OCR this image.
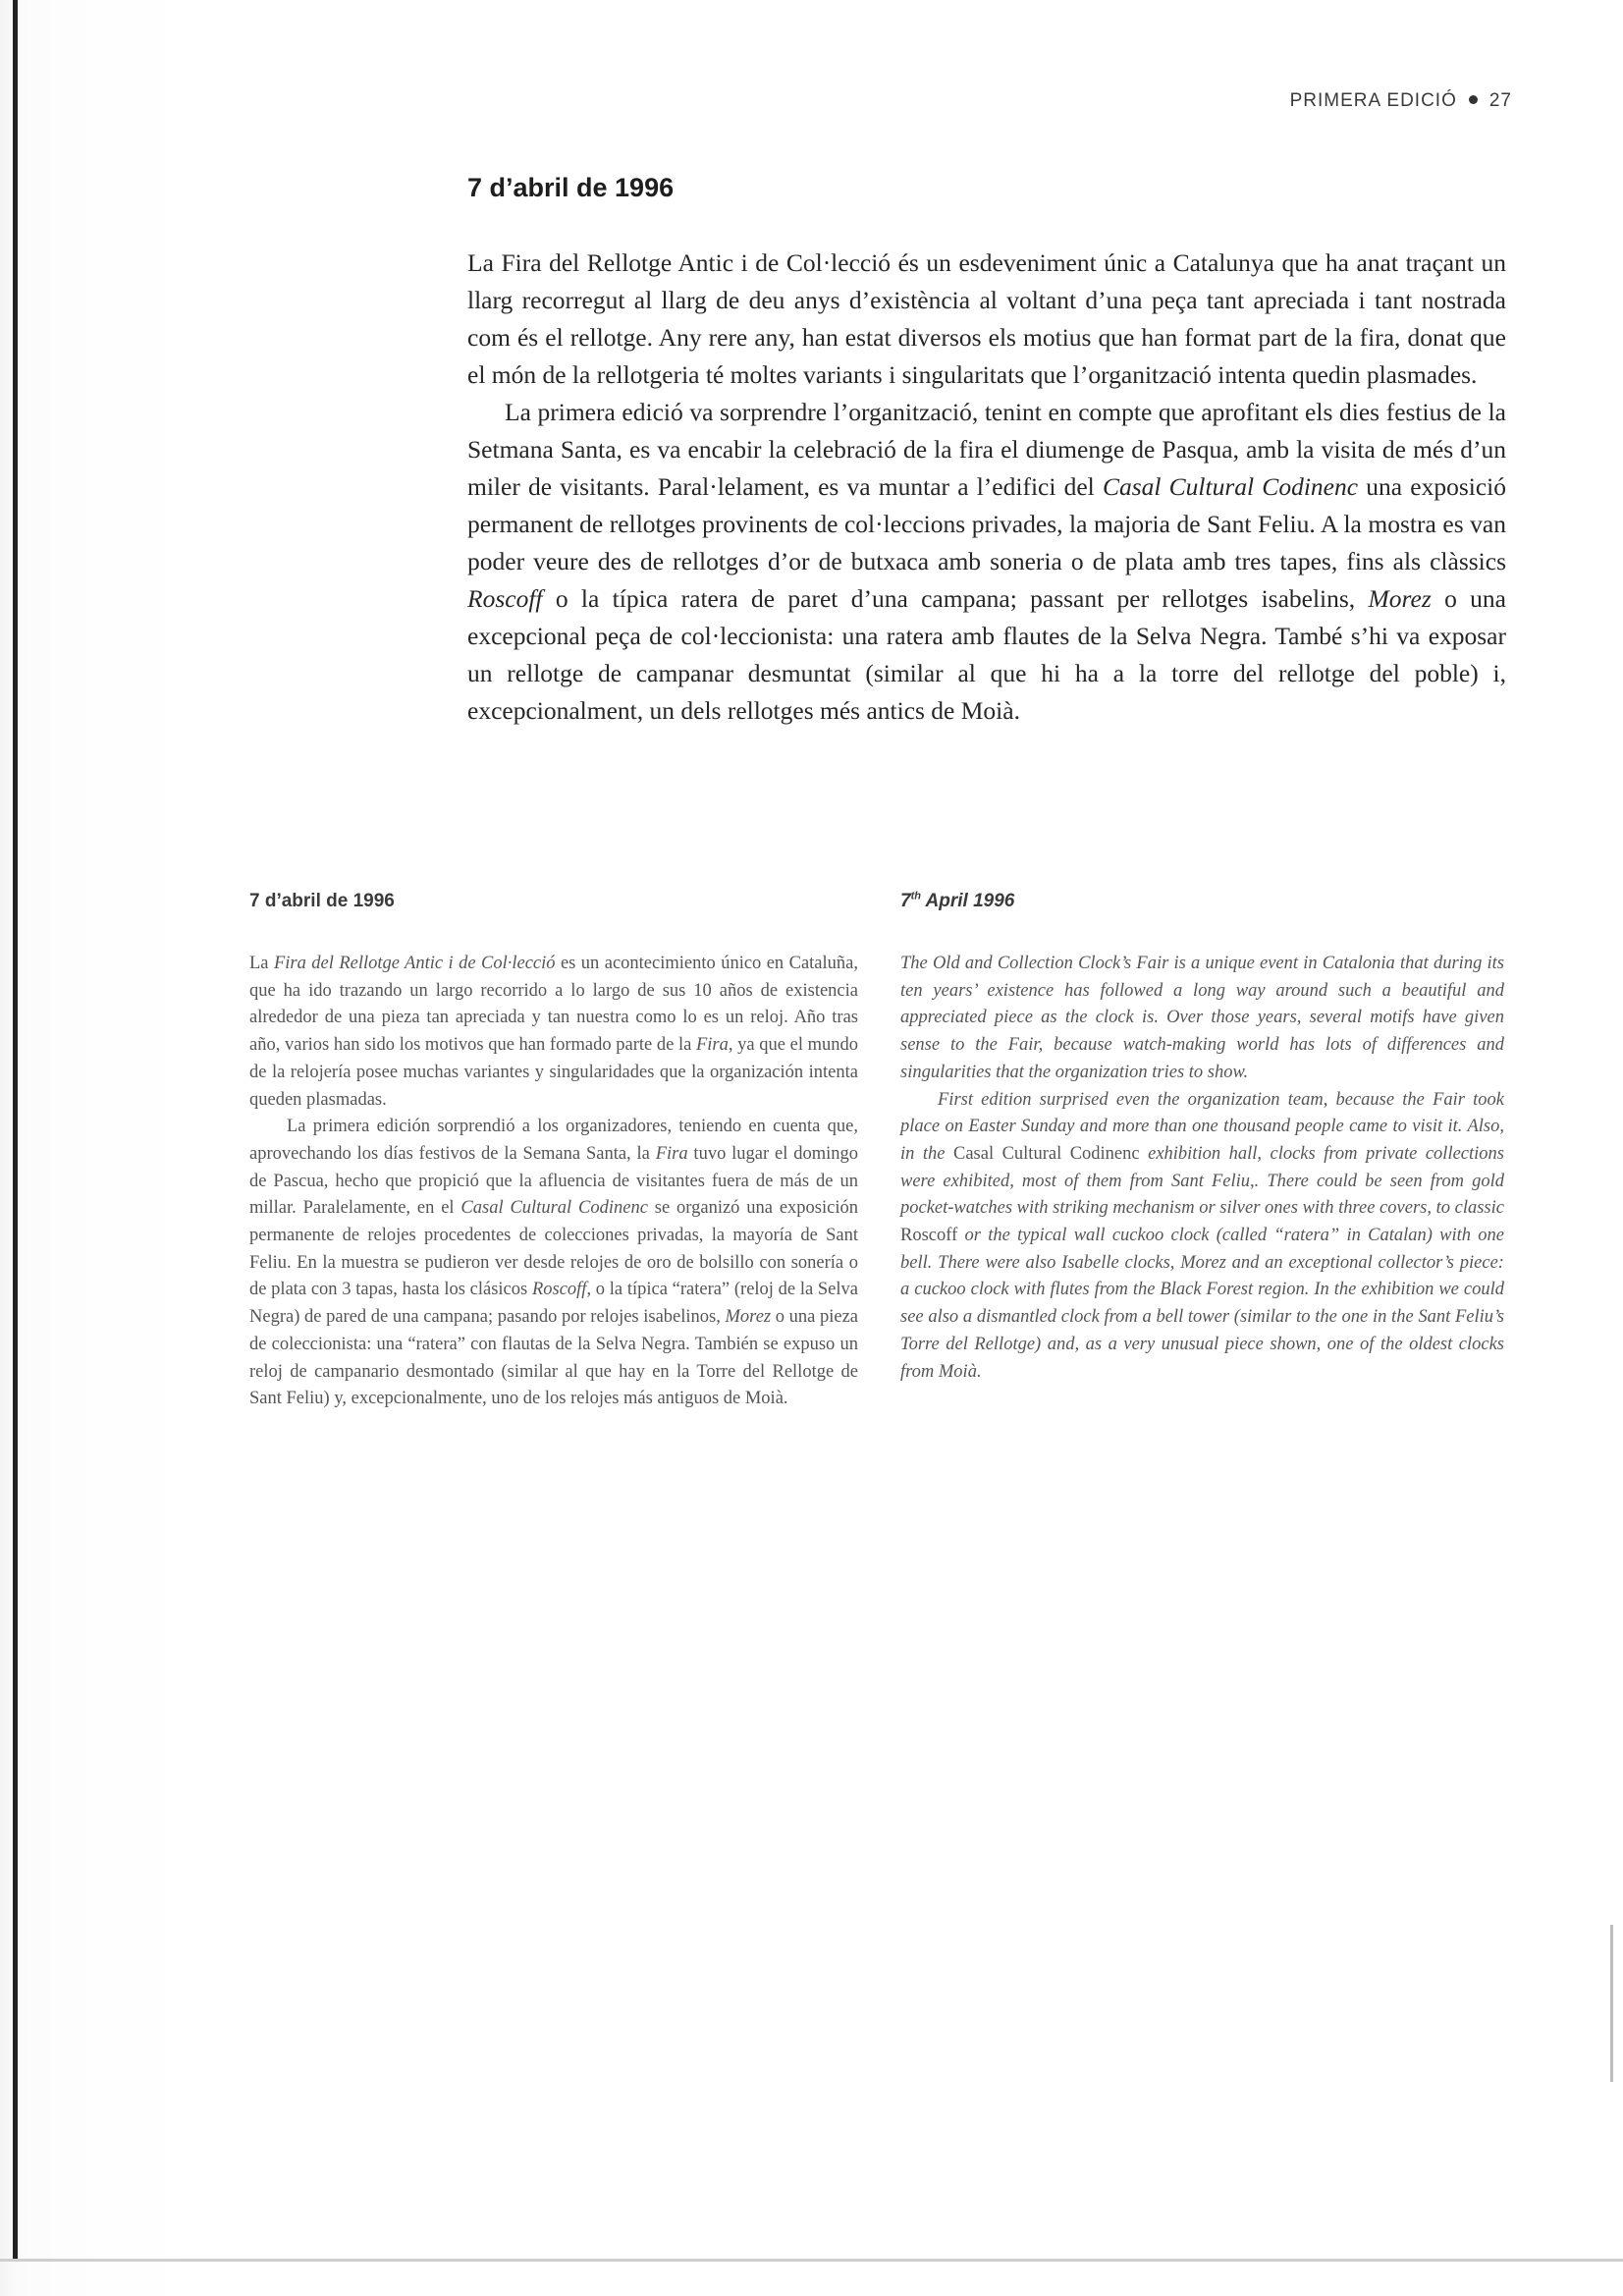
PRIMERA EDICIÓ 27
7 d’abril de 1996

La Fira del Rellotge Antic i de Col·lecció és un esdeveniment únic a Catalunya que ha anat traçant un llarg recorregut al llarg de deu anys d’existència al voltant d’una peça tant apreciada i tant nostrada com és el rellotge. Any rere any, han estat diversos els motius que han format part de la fira, donat que el món de la rellotgeria té moltes variants i singularitats que l’organització intenta quedin plasmades.

La primera edició va sorprendre l’organització, tenint en compte que aprofitant els dies festius de la Setmana Santa, es va encabir la celebració de la fira el diumenge de Pasqua, amb la visita de més d’un miler de visitants. Paral·lelament, es va muntar a l’edifici del Casal Cultural Codinenc una exposició permanent de rellotges provinents de col·leccions privades, la majoria de Sant Feliu. A la mostra es van poder veure des de rellotges d’or de butxaca amb soneria o de plata amb tres tapes, fins als clàssics Roscoff o la típica ratera de paret d’una campana; passant per rellotges isabelins, Morez o una excepcional peça de col·leccionista: una ratera amb flautes de la Selva Negra. També s’hi va exposar un rellotge de campanar desmuntat (similar al que hi ha a la torre del rellotge del poble) i, excepcionalment, un dels rellotges més antics de Moià.

7 d’abril de 1996

La Fira del Rellotge Antic i de Col·lecció es un acontecimiento único en Cataluña, que ha ido trazando un largo recorrido a lo largo de sus 10 años de existencia alrededor de una pieza tan apreciada y tan nuestra como lo es un reloj. Año tras año, varios han sido los motivos que han formado parte de la Fira, ya que el mundo de la relojería posee muchas variantes y singularidades que la organización intenta queden plasmadas.

La primera edición sorprendió a los organizadores, teniendo en cuenta que, aprovechando los días festivos de la Semana Santa, la Fira tuvo lugar el domingo de Pascua, hecho que propició que la afluencia de visitantes fuera de más de un millar. Paralelamente, en el Casal Cultural Codinenc se organizó una exposición permanente de relojes procedentes de colecciones privadas, la mayoría de Sant Feliu. En la muestra se pudieron ver desde relojes de oro de bolsillo con sonería o de plata con 3 tapas, hasta los clásicos Roscoff, o la típica “ratera” (reloj de la Selva Negra) de pared de una campana; pasando por relojes isabelinos, Morez o una pieza de coleccionista: una “ratera” con flautas de la Selva Negra. También se expuso un reloj de campanario desmontado (similar al que hay en la Torre del Rellotge de Sant Feliu) y, excepcionalmente, uno de los relojes más antiguos de Moià.

7th April 1996

The Old and Collection Clock’s Fair is a unique event in Catalonia that during its ten years’ existence has followed a long way around such a beautiful and appreciated piece as the clock is. Over those years, several motifs have given sense to the Fair, because watch-making world has lots of differences and singularities that the organization tries to show.

First edition surprised even the organization team, because the Fair took place on Easter Sunday and more than one thousand people came to visit it. Also, in the Casal Cultural Codinenc exhibition hall, clocks from private collections were exhibited, most of them from Sant Feliu,. There could be seen from gold pocket-watches with striking mechanism or silver ones with three covers, to classic Roscoff or the typical wall cuckoo clock (called “ratera” in Catalan) with one bell. There were also Isabelle clocks, Morez and an exceptional collector’s piece: a cuckoo clock with flutes from the Black Forest region. In the exhibition we could see also a dismantled clock from a bell tower (similar to the one in the Sant Feliu’s Torre del Rellotge) and, as a very unusual piece shown, one of the oldest clocks from Moià.
